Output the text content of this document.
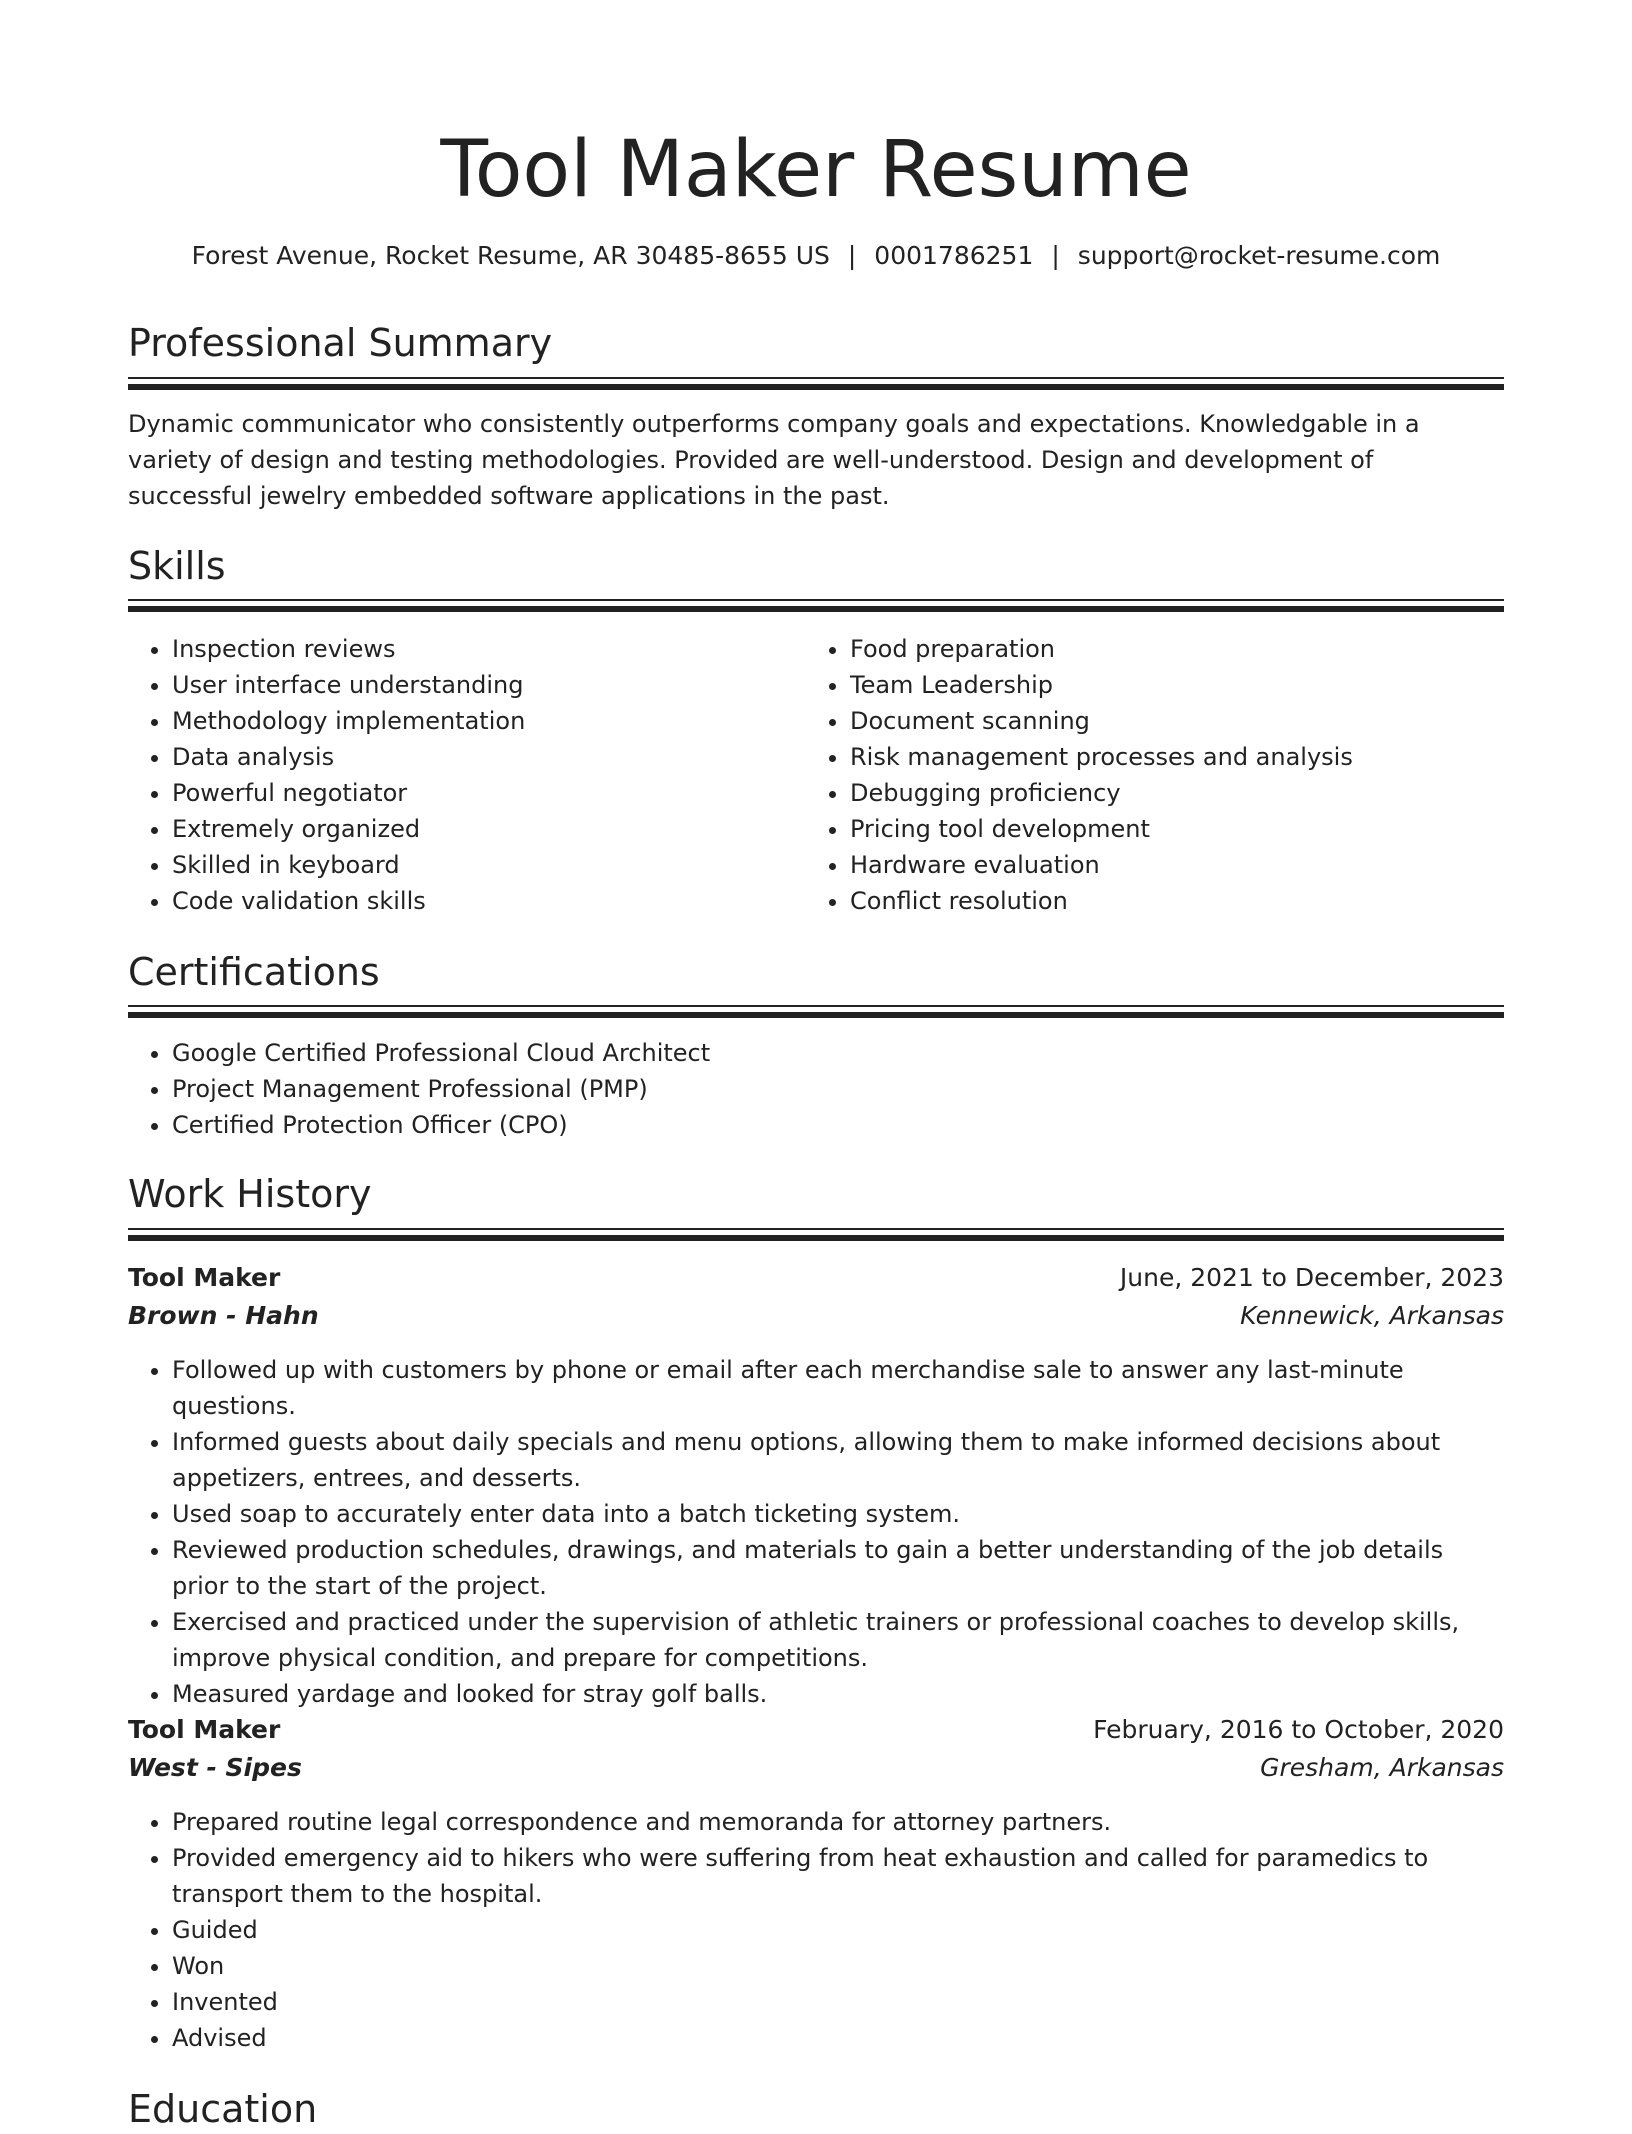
Tool Maker Resume
Forest Avenue, Rocket Resume, AR 30485-8655 US | 0001786251 | support@rocket-resume.com
Professional Summary
Dynamic communicator who consistently outperforms company goals and expectations. Knowledgable in a variety of design and testing methodologies. Provided are well-understood. Design and development of successful jewelry embedded software applications in the past.
Skills
• Inspection reviews
• User interface understanding
• Methodology implementation
• Data analysis
• Powerful negotiator
• Extremely organized
• Skilled in keyboard
• Code validation skills
• Food preparation
• Team Leadership
• Document scanning
• Risk management processes and analysis
• Debugging proficiency
• Pricing tool development
• Hardware evaluation
• Conflict resolution
Certifications
• Google Certified Professional Cloud Architect
• Project Management Professional (PMP)
• Certified Protection Officer (CPO)
Work History
Tool Maker	June, 2021 to December, 2023
Brown - Hahn	Kennewick, Arkansas
• Followed up with customers by phone or email after each merchandise sale to answer any last-minute questions.
• Informed guests about daily specials and menu options, allowing them to make informed decisions about appetizers, entrees, and desserts.
• Used soap to accurately enter data into a batch ticketing system.
• Reviewed production schedules, drawings, and materials to gain a better understanding of the job details prior to the start of the project.
• Exercised and practiced under the supervision of athletic trainers or professional coaches to develop skills, improve physical condition, and prepare for competitions.
• Measured yardage and looked for stray golf balls.
Tool Maker	February, 2016 to October, 2020
West - Sipes	Gresham, Arkansas
• Prepared routine legal correspondence and memoranda for attorney partners.
• Provided emergency aid to hikers who were suffering from heat exhaustion and called for paramedics to transport them to the hospital.
• Guided
• Won
• Invented
• Advised
Education
